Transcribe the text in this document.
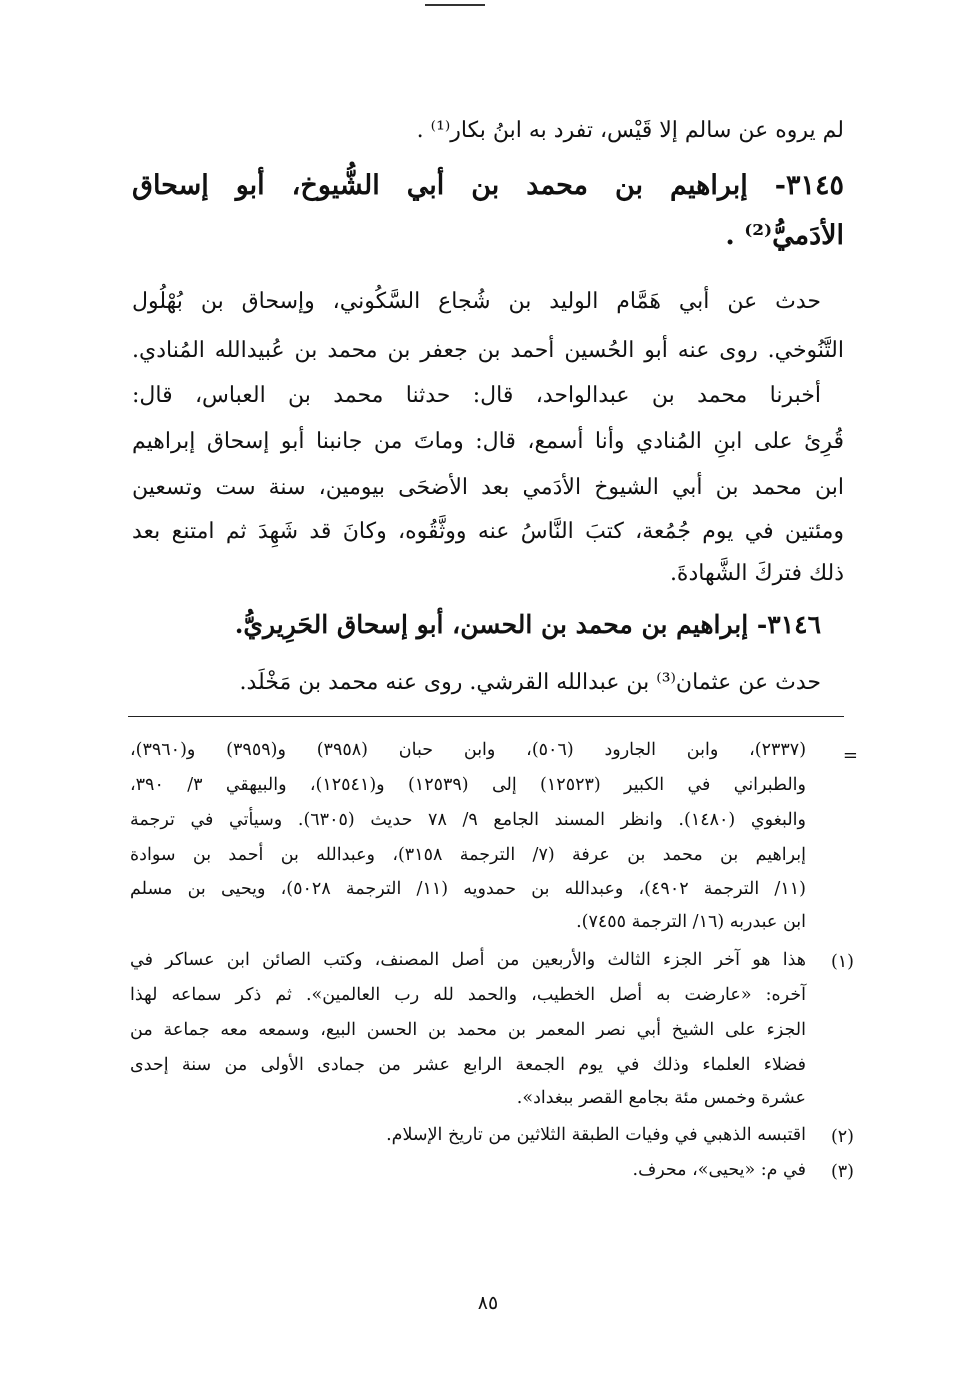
لم يروه عن سالم إلا قَيْس، تفرد به ابنُ بكار⁽¹⁾ .
٣١٤٥- إبراهيم بن محمد بن أبي الشُّيوخ، أبو إسحاق
الأدَميُّ⁽²⁾ .
حدث عن أبي هَمَّام الوليد بن شُجاع السَّكُوني، وإسحاق بن بُهْلُول
التَّنُوخي. روى عنه أبو الحُسين أحمد بن جعفر بن محمد بن عُبيدالله المُنادي.
أخبرنا محمد بن عبدالواحد، قال: حدثنا محمد بن العباس، قال:
قُرِئ على ابنِ المُنادي وأنا أسمع، قال: وماتَ من جانبنا أبو إسحاق إبراهيم
ابن محمد بن أبي الشيوخ الأدَمي بعد الأضحَى بيومين، سنة ست وتسعين
ومئتين في يوم جُمُعة، كتبَ النَّاسُ عنه ووثَّقُوه، وكانَ قد شَهِدَ ثم امتنع بعد
ذلك فتركَ الشَّهادةَ.
٣١٤٦- إبراهيم بن محمد بن الحسن، أبو إسحاق الحَرِيريُّ.
حدث عن عثمان⁽³⁾ بن عبدالله القرشي. روى عنه محمد بن مَخْلَد.
=
(٢٣٣٧)، وابن الجارود (٥٠٦)، وابن حبان (٣٩٥٨) و(٣٩٥٩) و(٣٩٦٠)،
والطبراني في الكبير (١٢٥٢٣) إلى (١٢٥٣٩) و(١٢٥٤١)، والبيهقي ٣/ ٣٩٠،
والبغوي (١٤٨٠). وانظر المسند الجامع ٩/ ٧٨ حديث (٦٣٠٥). وسيأتي في ترجمة
إبراهيم بن محمد بن عرفة (٧/ الترجمة ٣١٥٨)، وعبدالله بن أحمد بن سوادة
(١١/ الترجمة ٤٩٠٢)، وعبدالله بن حمدويه (١١/ الترجمة ٥٠٢٨)، ويحيى بن مسلم
ابن عبدربه (١٦/ الترجمة ٧٤٥٥).
(١)
هذا هو آخر الجزء الثالث والأربعين من أصل المصنف، وكتب الصائن ابن عساكر في
آخره: «عارضت به أصل الخطيب، والحمد لله رب العالمين». ثم ذكر سماعه لهذا
الجزء على الشيخ أبي نصر المعمر بن محمد بن الحسن البيع، وسمعه معه جماعة من
فضلاء العلماء وذلك في يوم الجمعة الرابع عشر من جمادى الأولى من سنة إحدى
عشرة وخمس مئة بجامع القصر ببغداد».
(٢)
اقتبسه الذهبي في وفيات الطبقة الثلاثين من تاريخ الإسلام.
(٣)
في م: «يحيى»، محرف.
٨٥
